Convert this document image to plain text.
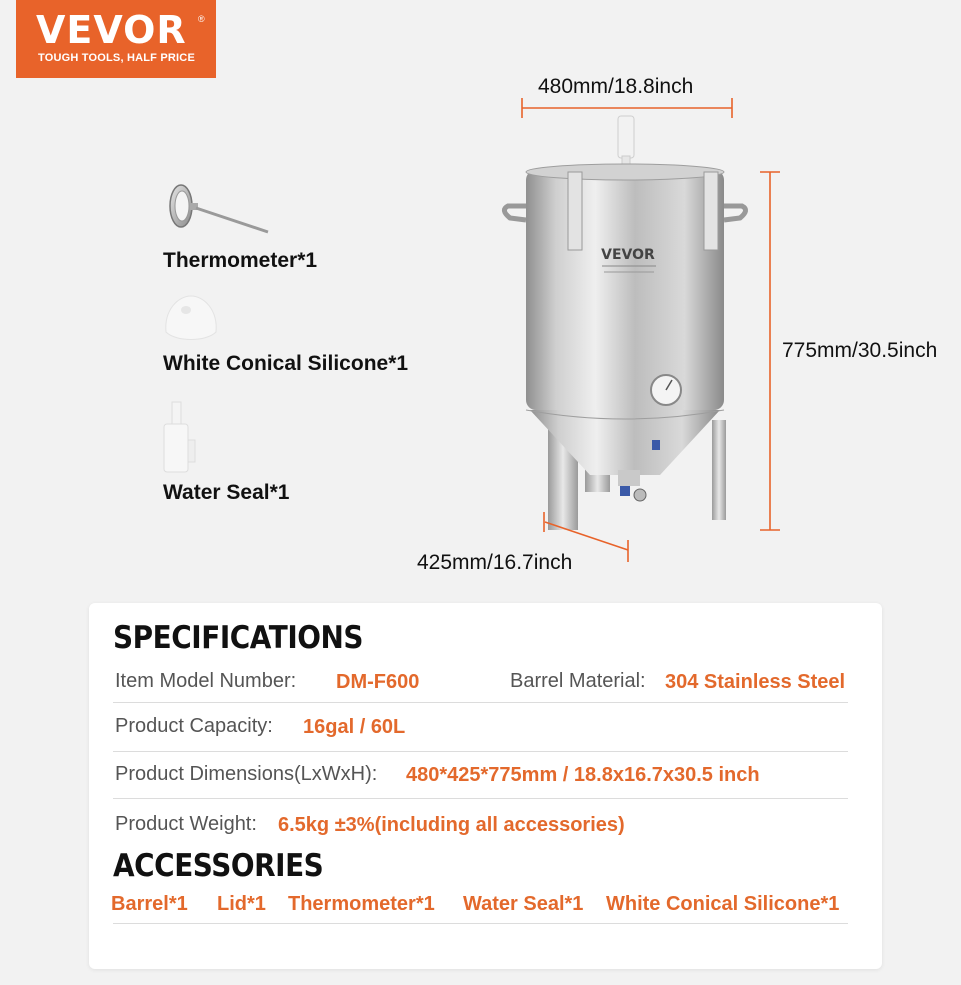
VEVOR ®
TOUGH TOOLS, HALF PRICE
Thermometer*1
White Conical Silicone*1
Water Seal*1
VEVOR
480mm/18.8inch
775mm/30.5inch
425mm/16.7inch
SPECIFICATIONS
Item Model Number: DM-F600	Barrel Material: 304 Stainless Steel
Product Capacity: 16gal / 60L
Product Dimensions(LxWxH): 480*425*775mm / 18.8x16.7x30.5 inch
Product Weight: 6.5kg ±3%(including all accessories)
ACCESSORIES
Barrel*1 Lid*1 Thermometer*1 Water Seal*1 White Conical Silicone*1
